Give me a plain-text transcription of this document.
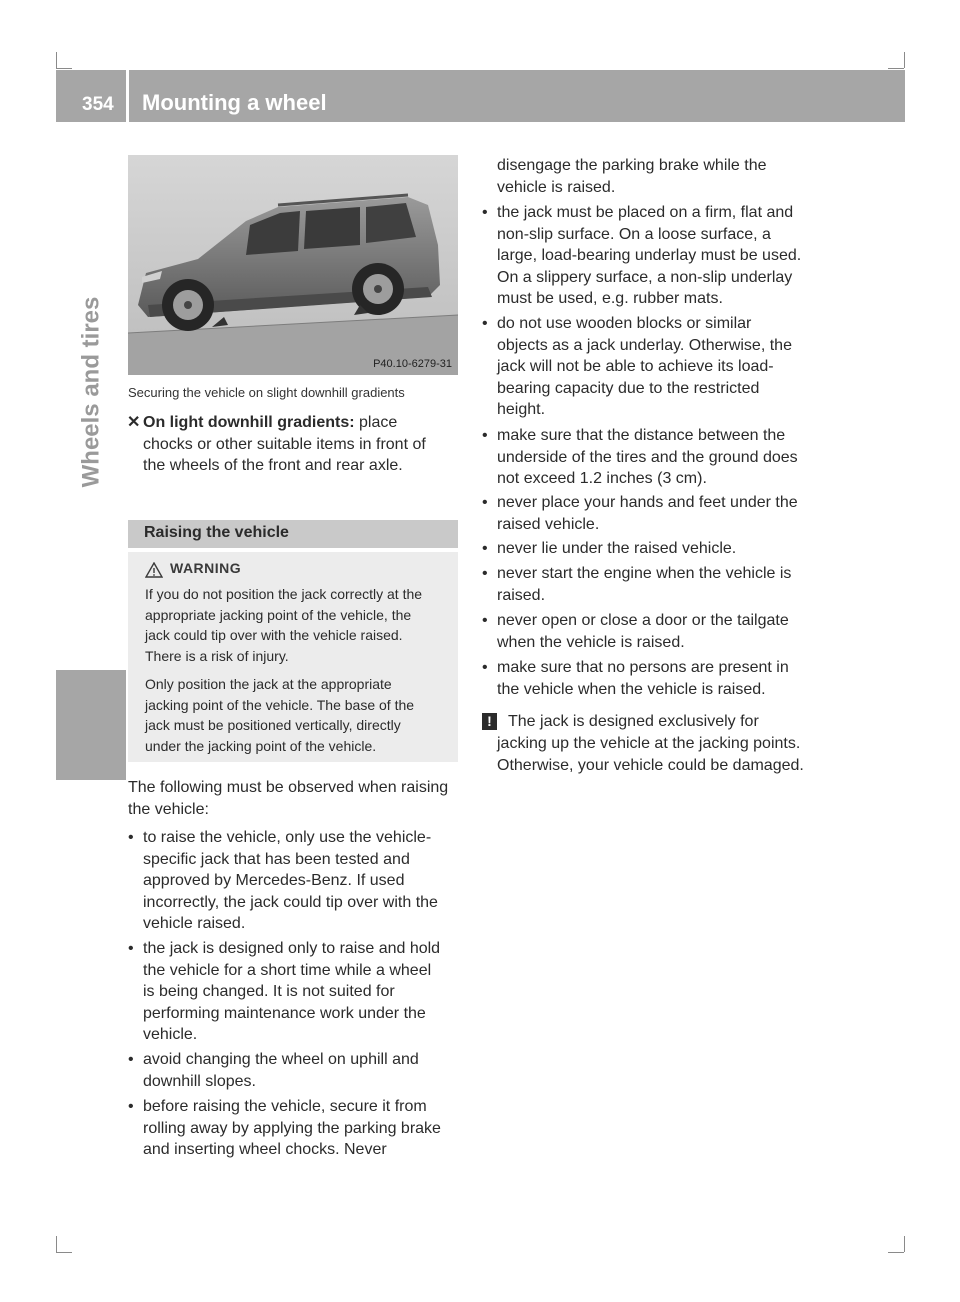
354 Mounting a wheel
Wheels and tires	P40.10-6279-31
Securing the vehicle on slight downhill gradients
✕ On light downhill gradients: place
chocks or other suitable items in front of
the wheels of the front and rear axle.
Raising the vehicle
WARNING
If you do not position the jack correctly at the
appropriate jacking point of the vehicle, the
jack could tip over with the vehicle raised.
There is a risk of injury.
Only position the jack at the appropriate
jacking point of the vehicle. The base of the
jack must be positioned vertically, directly
under the jacking point of the vehicle.
The following must be observed when raising
the vehicle:
• to raise the vehicle, only use the vehicle-
specific jack that has been tested and
approved by Mercedes-Benz. If used
incorrectly, the jack could tip over with the
vehicle raised.
• the jack is designed only to raise and hold
the vehicle for a short time while a wheel
is being changed. It is not suited for
performing maintenance work under the
vehicle.
• avoid changing the wheel on uphill and
downhill slopes.
• before raising the vehicle, secure it from
rolling away by applying the parking brake
and inserting wheel chocks. Never
disengage the parking brake while the
vehicle is raised.
• the jack must be placed on a firm, flat and
non-slip surface. On a loose surface, a
large, load-bearing underlay must be used.
On a slippery surface, a non-slip underlay
must be used, e.g. rubber mats.
• do not use wooden blocks or similar
objects as a jack underlay. Otherwise, the
jack will not be able to achieve its load-
bearing capacity due to the restricted
height.
• make sure that the distance between the
underside of the tires and the ground does
not exceed 1.2 inches (3 cm).
• never place your hands and feet under the
raised vehicle.
• never lie under the raised vehicle.
• never start the engine when the vehicle is
raised.
• never open or close a door or the tailgate
when the vehicle is raised.
• make sure that no persons are present in
the vehicle when the vehicle is raised.
!	The jack is designed exclusively for
jacking up the vehicle at the jacking points.
Otherwise, your vehicle could be damaged.
